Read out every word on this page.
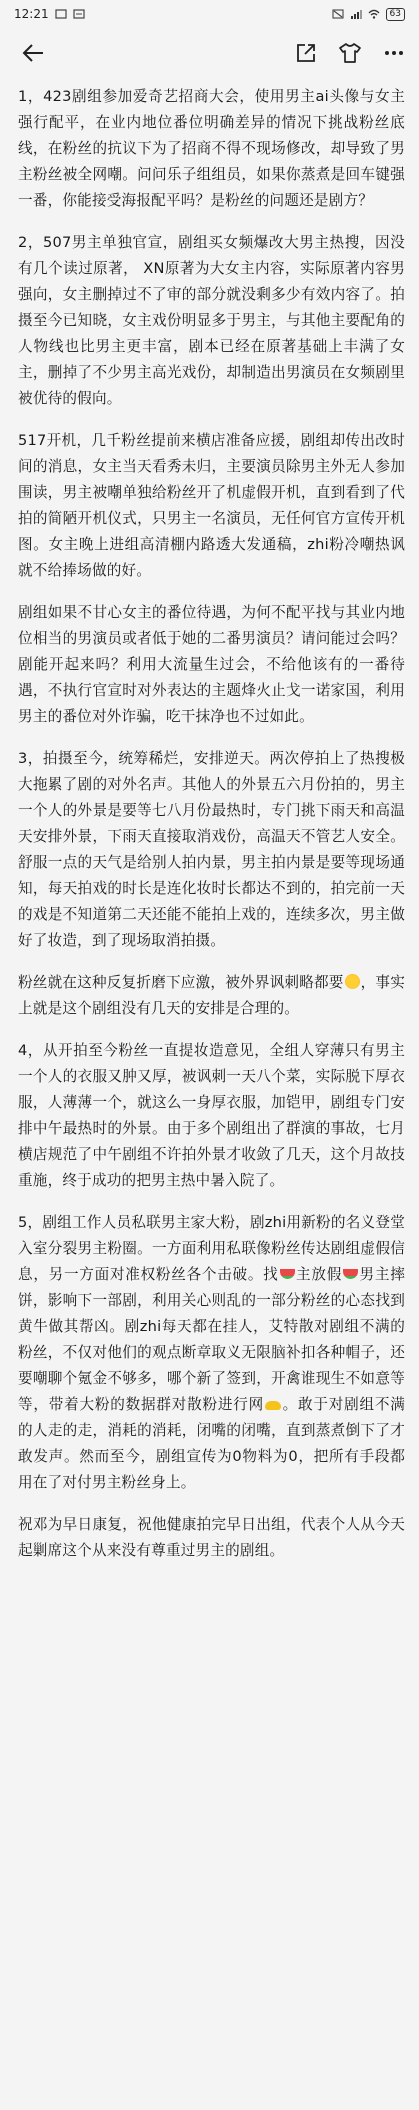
12:21	63

1，423剧组参加爱奇艺招商大会，使用男主ai头像与女主强行配平，在业内地位番位明确差异的情况下挑战粉丝底线，在粉丝的抗议下为了招商不得不现场修改，却导致了男主粉丝被全网嘲。问问乐子组组员，如果你蒸煮是回车键强一番，你能接受海报配平吗？是粉丝的问题还是剧方？

2，507男主单独官宣，剧组买女频爆改大男主热搜，因没有几个读过原著， XN原著为大女主内容，实际原著内容男强向，女主删掉过不了审的部分就没剩多少有效内容了。拍摄至今已知晓，女主戏份明显多于男主，与其他主要配角的人物线也比男主更丰富，剧本已经在原著基础上丰满了女主，删掉了不少男主高光戏份，却制造出男演员在女频剧里被优待的假向。

517开机，几千粉丝提前来横店准备应援，剧组却传出改时间的消息，女主当天看秀未归，主要演员除男主外无人参加围读，男主被嘲单独给粉丝开了机虚假开机，直到看到了代拍的简陋开机仪式，只男主一名演员，无任何官方宣传开机图。女主晚上进组高清棚内路透大发通稿，zhi粉冷嘲热讽就不给捧场做的好。

剧组如果不甘心女主的番位待遇，为何不配平找与其业内地位相当的男演员或者低于她的二番男演员？请问能过会吗？剧能开起来吗？利用大流量生过会，不给他该有的一番待遇，不执行官宣时对外表达的主题烽火止戈一诺家国，利用男主的番位对外诈骗，吃干抹净也不过如此。

3，拍摄至今，统筹稀烂，安排逆天。两次停拍上了热搜极大拖累了剧的对外名声。其他人的外景五六月份拍的，男主一个人的外景是要等七八月份最热时，专门挑下雨天和高温天安排外景，下雨天直接取消戏份，高温天不管艺人安全。舒服一点的天气是给别人拍内景，男主拍内景是要等现场通知，每天拍戏的时长是连化妆时长都达不到的，拍完前一天的戏是不知道第二天还能不能拍上戏的，连续多次，男主做好了妆造，到了现场取消拍摄。

粉丝就在这种反复折磨下应激，被外界讽刺略都要 ，事实上就是这个剧组没有几天的安排是合理的。

4，从开拍至今粉丝一直提妆造意见，全组人穿薄只有男主一个人的衣服又肿又厚，被讽刺一天八个菜，实际脱下厚衣服，人薄薄一个，就这么一身厚衣服，加铠甲，剧组专门安排中午最热时的外景。由于多个剧组出了群演的事故，七月横店规范了中午剧组不许拍外景才收敛了几天，这个月故技重施，终于成功的把男主热中暑入院了。

5，剧组工作人员私联男主家大粉，剧zhi用新粉的名义登堂入室分裂男主粉圈。一方面利用私联像粉丝传达剧组虚假信息，另一方面对准权粉丝各个击破。找 主放假 男主摔饼，影响下一部剧，利用关心则乱的一部分粉丝的心态找到黄牛做其帮凶。剧zhi每天都在挂人，艾特散对剧组不满的粉丝，不仅对他们的观点断章取义无限脑补扣各种帽子，还要嘲聊个氪金不够多，哪个新了签到，开禽谁现生不如意等等，带着大粉的数据群对散粉进行网 。敢于对剧组不满的人走的走，消耗的消耗，闭嘴的闭嘴，直到蒸煮倒下了才敢发声。然而至今，剧组宣传为0物料为0，把所有手段都用在了对付男主粉丝身上。

祝邓为早日康复，祝他健康拍完早日出组，代表个人从今天起剿席这个从来没有尊重过男主的剧组。
